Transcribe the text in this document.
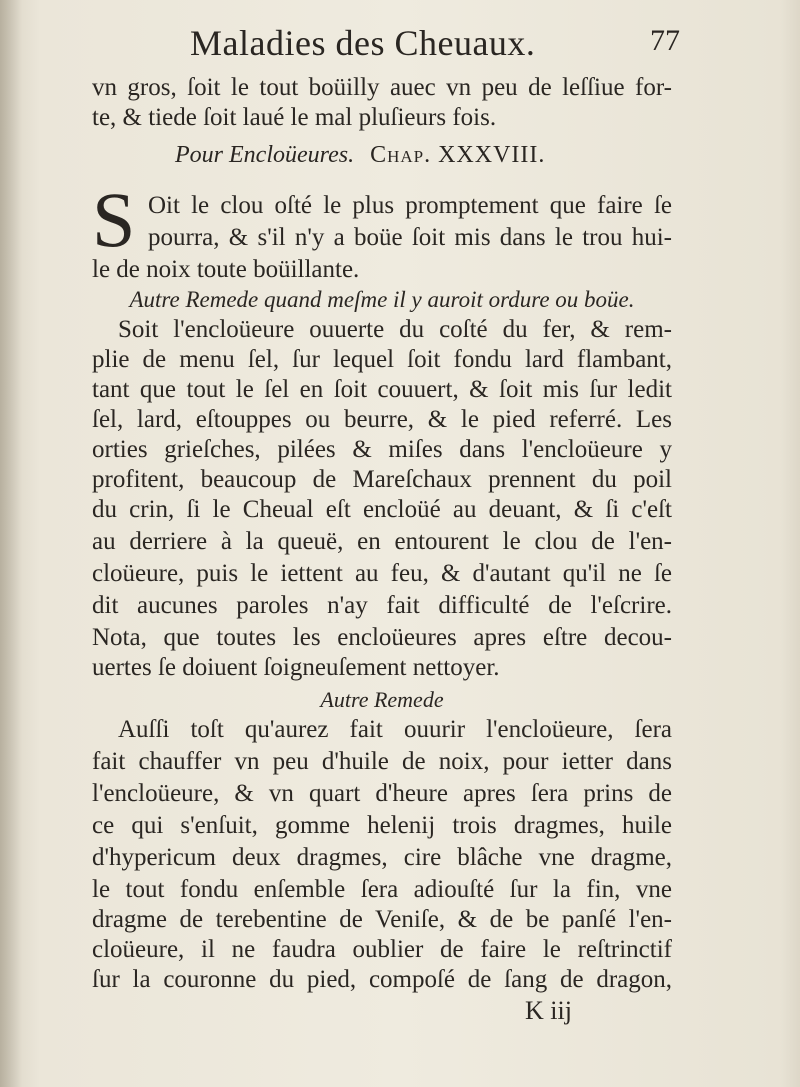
Maladies des Cheuaux.	77
vn gros, ſoit le tout boüilly auec vn peu de leſſiue for-
te, & tiede ſoit laué le mal pluſieurs fois.
Pour Encloüeures. Chap. XXXVIII.
S Oit le clou oſté le plus promptement que faire ſe
pourra, & s'il n'y a boüe ſoit mis dans le trou hui-
le de noix toute boüillante.
Autre Remede quand meſme il y auroit ordure ou boüe.
Soit l'encloüeure ouuerte du coſté du fer, & rem-
plie de menu ſel, ſur lequel ſoit fondu lard flambant,
tant que tout le ſel en ſoit couuert, & ſoit mis ſur ledit
ſel, lard, eſtouppes ou beurre, & le pied referré. Les
orties grieſches, pilées & miſes dans l'encloüeure y
profitent, beaucoup de Mareſchaux prennent du poil
du crin, ſi le Cheual eſt encloüé au deuant, & ſi c'eſt
au derriere à la queuë, en entourent le clou de l'en-
cloüeure, puis le iettent au feu, & d'autant qu'il ne ſe
dit aucunes paroles n'ay fait difficulté de l'eſcrire.
Nota, que toutes les encloüeures apres eſtre decou-
uertes ſe doiuent ſoigneuſement nettoyer.
Autre Remede
Auſſi toſt qu'aurez fait ouurir l'encloüeure, ſera
fait chauffer vn peu d'huile de noix, pour ietter dans
l'encloüeure, & vn quart d'heure apres ſera prins de
ce qui s'enſuit, gomme helenij trois dragmes, huile
d'hypericum deux dragmes, cire blâche vne dragme,
le tout fondu enſemble ſera adiouſté ſur la fin, vne
dragme de terebentine de Veniſe, & de be panſé l'en-
cloüeure, il ne faudra oublier de faire le reſtrinctif
ſur la couronne du pied, compoſé de ſang de dragon,
K iij
